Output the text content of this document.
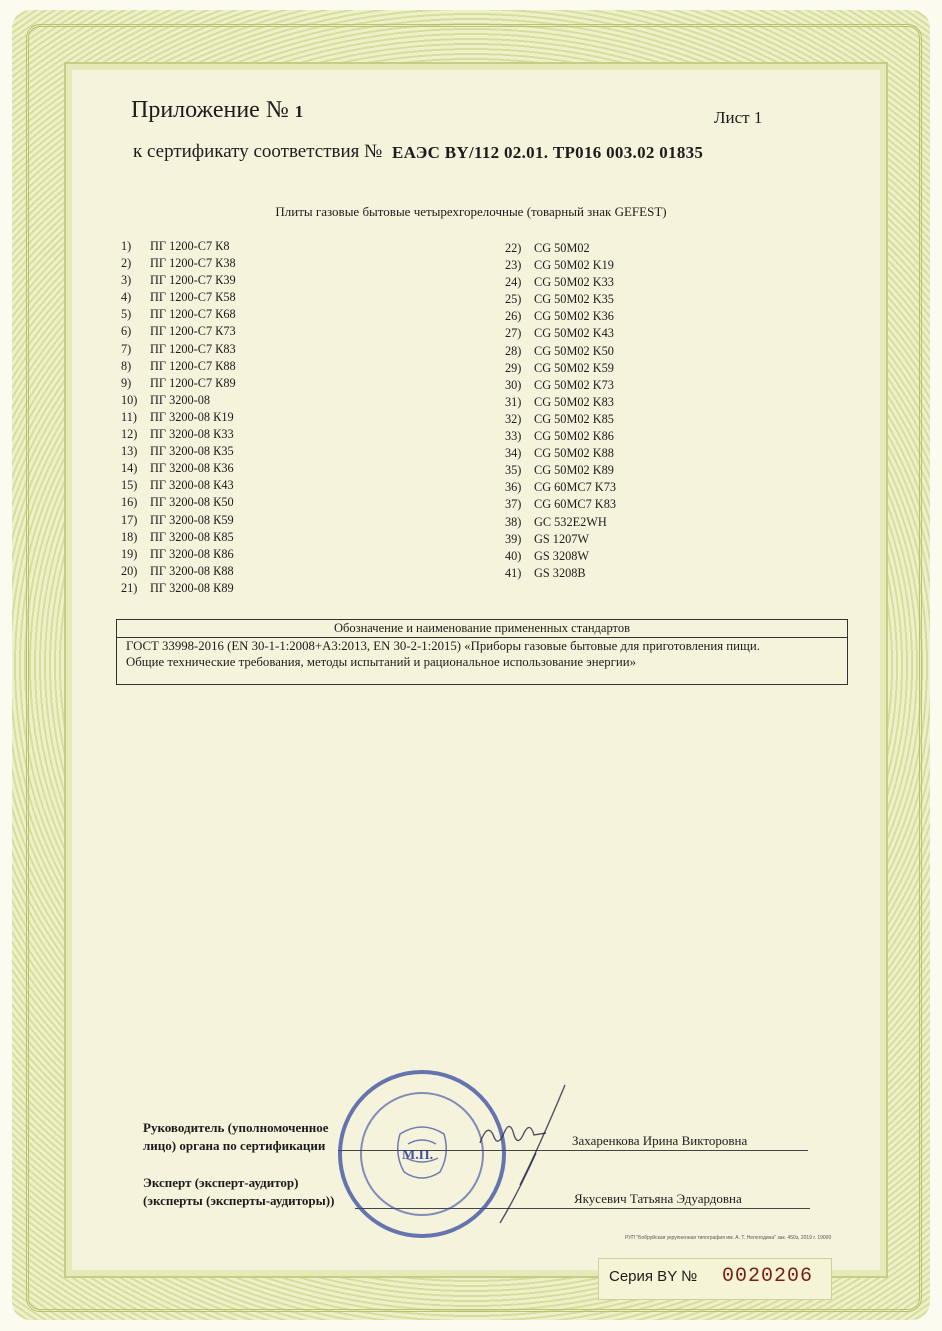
Приложение № 1	Лист 1
к сертификату соответствия № ЕАЭС BY/112 02.01. ТР016 003.02 01835
Плиты газовые бытовые четырехгорелочные (товарный знак GEFEST)
1)	ПГ 1200-С7 К8
2)	ПГ 1200-С7 К38
3)	ПГ 1200-С7 К39
4)	ПГ 1200-С7 К58
5)	ПГ 1200-С7 К68
6)	ПГ 1200-С7 К73
7)	ПГ 1200-С7 К83
8)	ПГ 1200-С7 К88
9)	ПГ 1200-С7 К89
10)	ПГ 3200-08
11)	ПГ 3200-08 К19
12)	ПГ 3200-08 К33
13)	ПГ 3200-08 К35
14)	ПГ 3200-08 К36
15)	ПГ 3200-08 К43
16)	ПГ 3200-08 К50
17)	ПГ 3200-08 К59
18)	ПГ 3200-08 К85
19)	ПГ 3200-08 К86
20)	ПГ 3200-08 К88
21)	ПГ 3200-08 К89
22)	CG 50M02
23)	CG 50M02 K19
24)	CG 50M02 K33
25)	CG 50M02 K35
26)	CG 50M02 K36
27)	CG 50M02 K43
28)	CG 50M02 K50
29)	CG 50M02 K59
30)	CG 50M02 K73
31)	CG 50M02 K83
32)	CG 50M02 K85
33)	CG 50M02 K86
34)	CG 50M02 K88
35)	CG 50M02 K89
36)	CG 60MC7 K73
37)	CG 60MC7 K83
38)	GC 532E2WH
39)	GS 1207W
40)	GS 3208W
41)	GS 3208B
Обозначение и наименование примененных стандартов
ГОСТ 33998-2016 (EN 30-1-1:2008+A3:2013, EN 30-2-1:2015) «Приборы газовые бытовые для приготовления пищи.
Общие технические требования, методы испытаний и рациональное использование энергии»
Руководитель (уполномоченное
лицо) органа по сертификации	Захаренкова Ирина Викторовна
Эксперт (эксперт-аудитор)
(эксперты (эксперты-аудиторы))	Якусевич Татьяна Эдуардовна
М.П.
РУП "Бобруйская укрупненная типография им. А. Т. Непогодина" зак. 450з, 2019 г. 19000
Серия BY № 0020206
